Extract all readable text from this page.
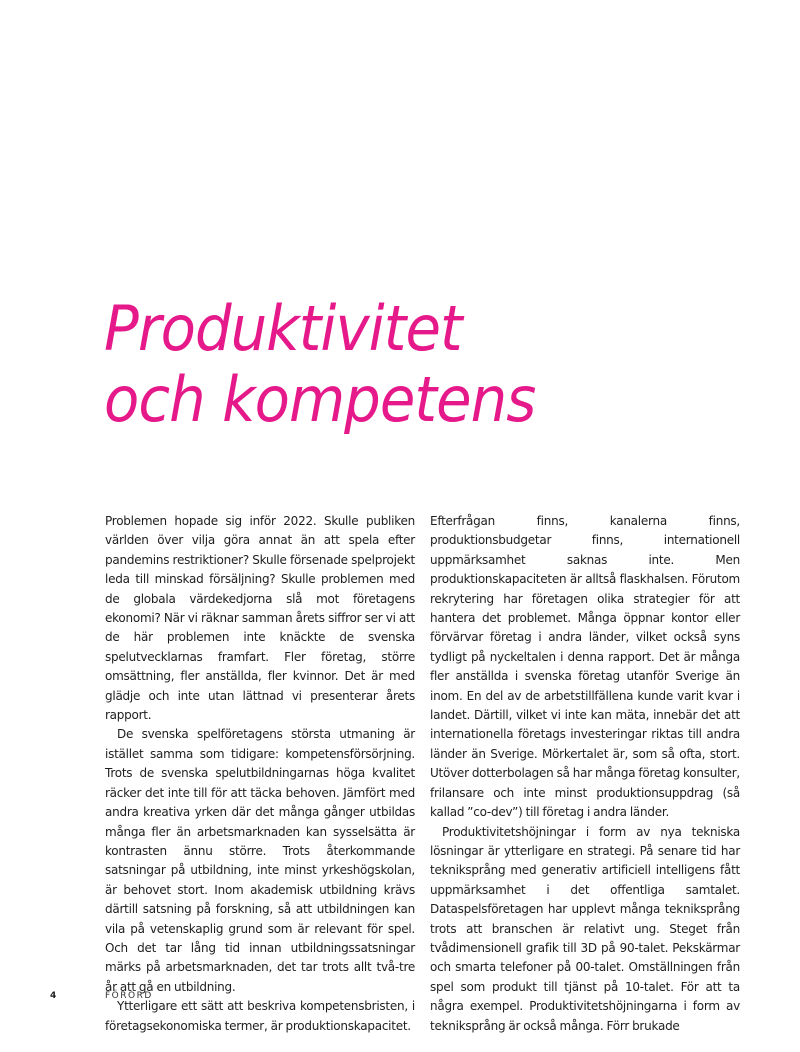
Produktivitet
och kompetens

Problemen hopade sig inför 2022. Skulle publiken världen över vilja göra annat än att spela efter pandemins restriktioner? Skulle försenade spelprojekt leda till minskad försäljning? Skulle problemen med de globala värdekedjorna slå mot företagens ekonomi? När vi räknar samman årets siffror ser vi att de här problemen inte knäckte de svenska spelutvecklarnas framfart. Fler företag, större omsättning, fler anställda, fler kvinnor. Det är med glädje och inte utan lättnad vi presenterar årets rapport.

De svenska spelföretagens största utmaning är istället samma som tidigare: kompetensförsörjning. Trots de svenska spelutbildningarnas höga kvalitet räcker det inte till för att täcka behoven. Jämfört med andra kreativa yrken där det många gånger utbildas många fler än arbetsmarknaden kan sysselsätta är kontrasten ännu större. Trots återkommande satsningar på utbildning, inte minst yrkeshögskolan, är behovet stort. Inom akademisk utbildning krävs därtill satsning på forskning, så att utbildningen kan vila på vetenskaplig grund som är relevant för spel. Och det tar lång tid innan utbildningssatsningar märks på arbetsmarknaden, det tar trots allt två-tre år att gå en utbildning.

Ytterligare ett sätt att beskriva kompetensbristen, i företagsekonomiska termer, är produktionskapacitet.

Efterfrågan finns, kanalerna finns, produktionsbudgetar finns, internationell uppmärksamhet saknas inte. Men produktionskapaciteten är alltså flaskhalsen. Förutom rekrytering har företagen olika strategier för att hantera det problemet. Många öppnar kontor eller förvärvar företag i andra länder, vilket också syns tydligt på nyckeltalen i denna rapport. Det är många fler anställda i svenska företag utanför Sverige än inom. En del av de arbetstillfällena kunde varit kvar i landet. Därtill, vilket vi inte kan mäta, innebär det att internationella företags investeringar riktas till andra länder än Sverige. Mörkertalet är, som så ofta, stort. Utöver dotterbolagen så har många företag konsulter, frilansare och inte minst produktionsuppdrag (så kallad ”co-dev”) till företag i andra länder.

Produktivitetshöjningar i form av nya tekniska lösningar är ytterligare en strategi. På senare tid har tekniksprång med generativ artificiell intelligens fått uppmärksamhet i det offentliga samtalet. Dataspelsföretagen har upplevt många tekniksprång trots att branschen är relativt ung. Steget från tvådimensionell grafik till 3D på 90-talet. Pekskärmar och smarta telefoner på 00-talet. Omställningen från spel som produkt till tjänst på 10-talet. För att ta några exempel. Produktivitetshöjningarna i form av tekniksprång är också många. Förr brukade

4	FÖRORD
